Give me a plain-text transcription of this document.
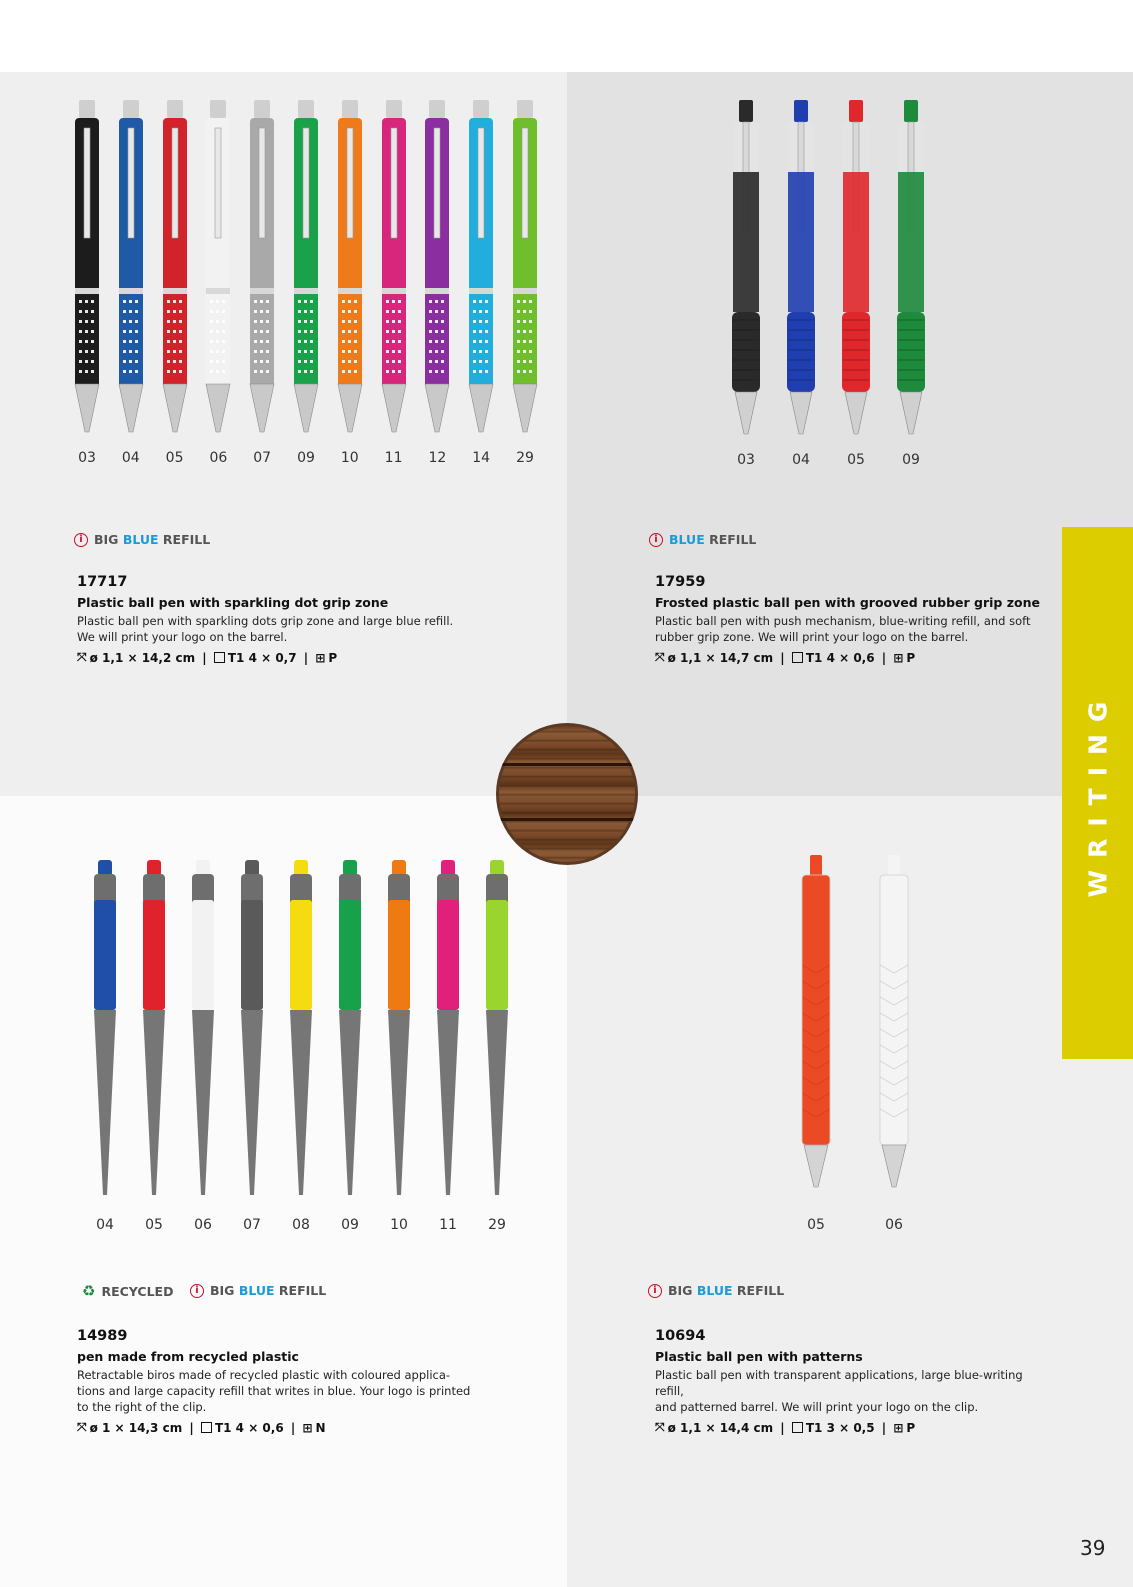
03	04	05	06	07	09	10	11	12	14	29	03	04	05	09
04	05	06	07	08	09	10	11	29	05	06
i BIG BLUE REFILL
17717
Plastic ball pen with sparkling dot grip zone
Plastic ball pen with sparkling dots grip zone and large blue refill.
We will print your logo on the barrel.
⤧ ø 1,1 × 14,2 cm | T1 4 × 0,7 | ⊞ P
i BLUE REFILL
17959
Frosted plastic ball pen with grooved rubber grip zone
Plastic ball pen with push mechanism, blue-writing refill, and soft
rubber grip zone. We will print your logo on the barrel.
⤧ ø 1,1 × 14,7 cm | T1 4 × 0,6 | ⊞ P
♻ RECYCLED	i BIG BLUE REFILL
14989
pen made from recycled plastic
Retractable biros made of recycled plastic with coloured applica-
tions and large capacity refill that writes in blue. Your logo is printed
to the right of the clip.
⤧ ø 1 × 14,3 cm | T1 4 × 0,6 | ⊞ N
i BIG BLUE REFILL
10694
Plastic ball pen with patterns
Plastic ball pen with transparent applications, large blue-writing refill,
and patterned barrel. We will print your logo on the clip.
⤧ ø 1,1 × 14,4 cm | T1 3 × 0,5 | ⊞ P
WRITING
39
